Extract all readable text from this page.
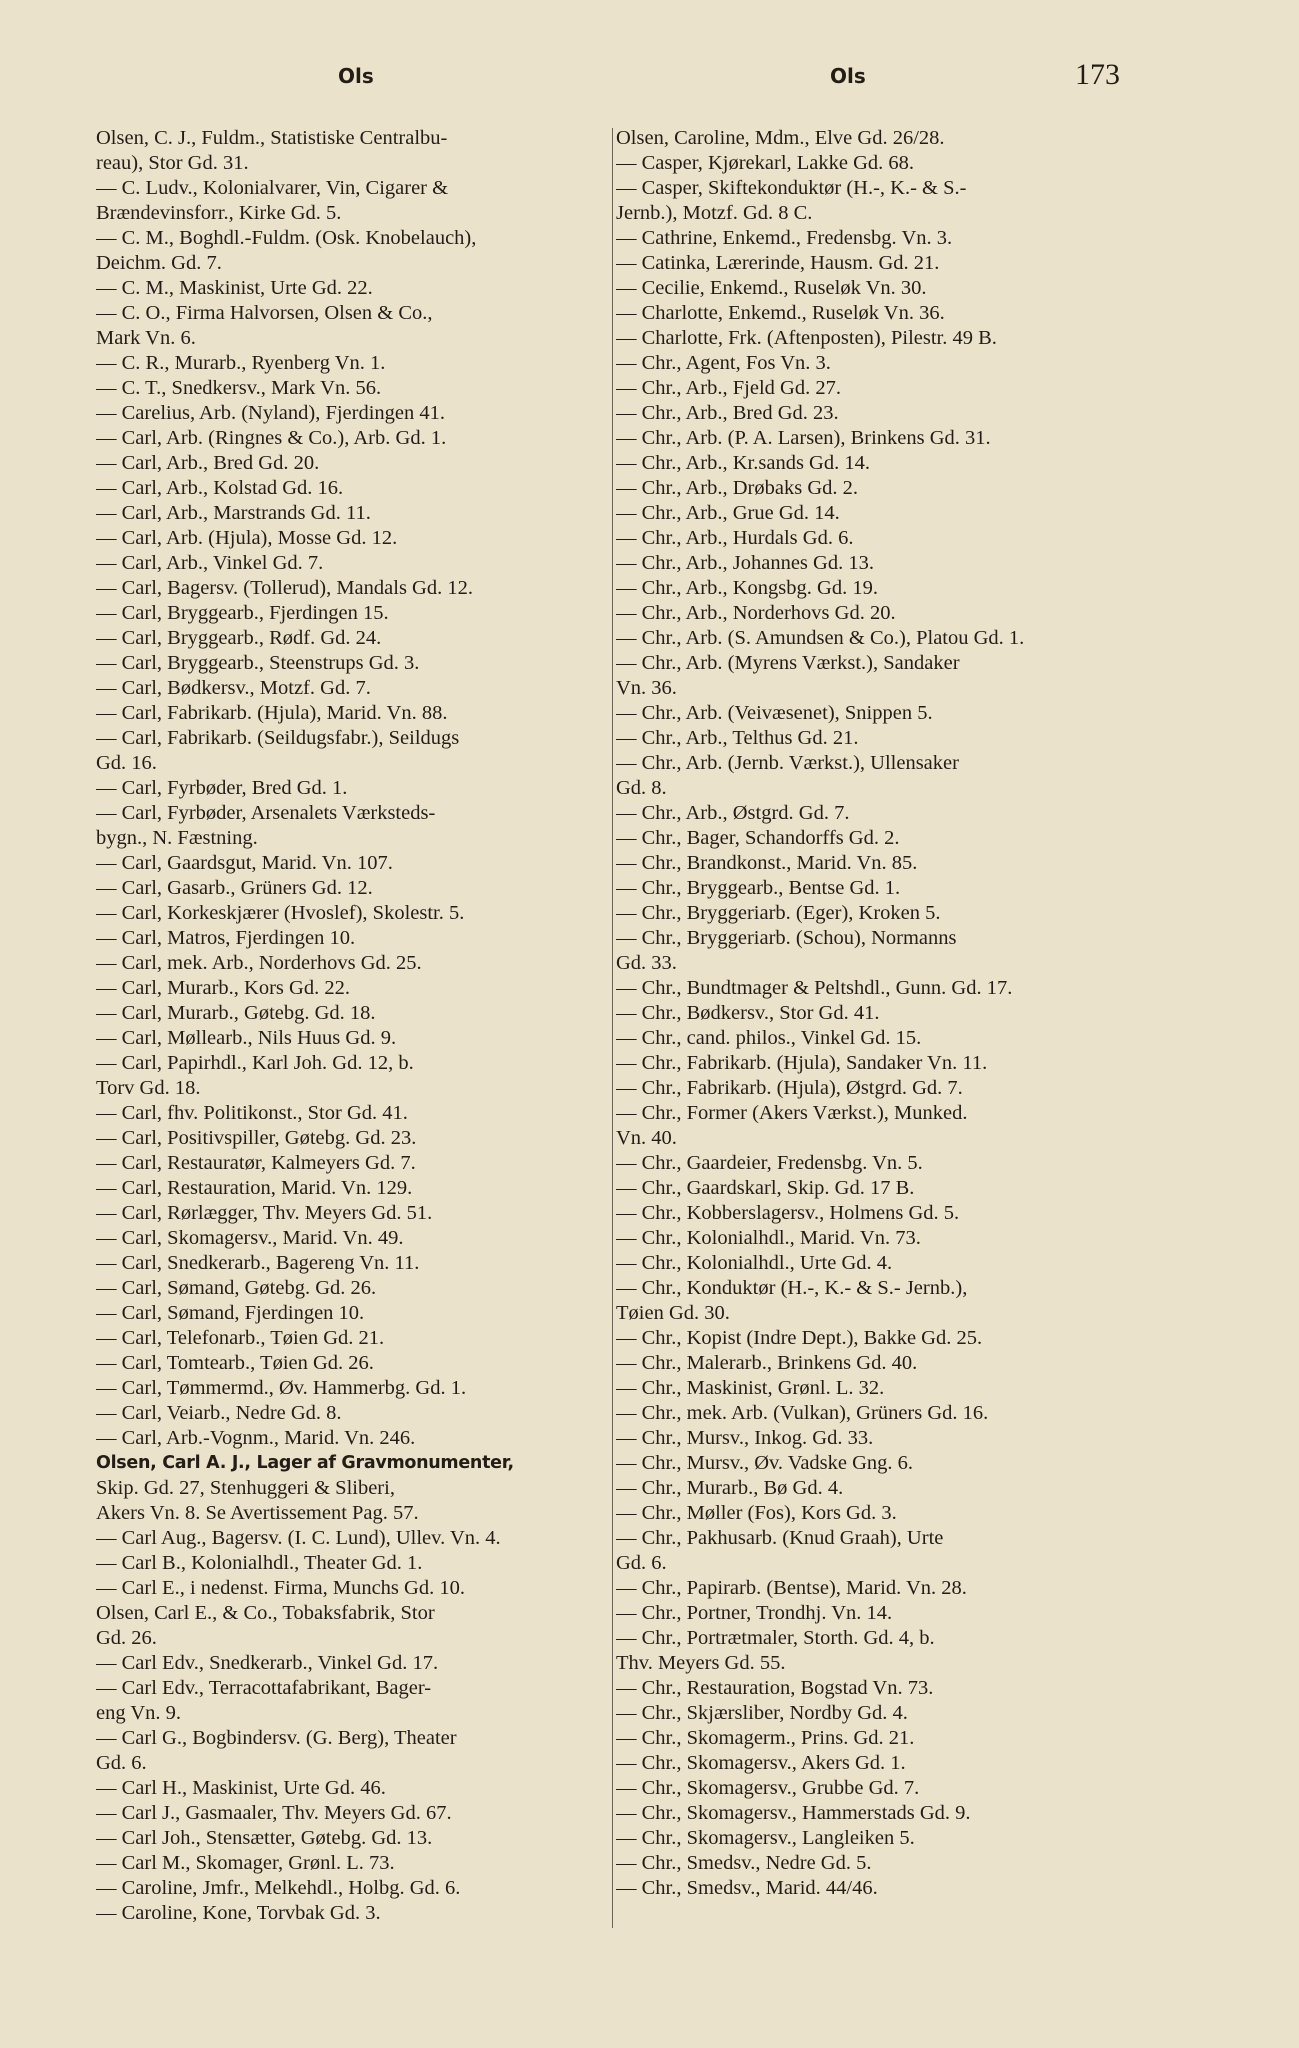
Ols	Ols	173
Olsen, C. J., Fuldm., Statistiske Centralbu-
reau), Stor Gd. 31.
— C. Ludv., Kolonialvarer, Vin, Cigarer &
Brændevinsforr., Kirke Gd. 5.
— C. M., Boghdl.-Fuldm. (Osk. Knobelauch),
Deichm. Gd. 7.
— C. M., Maskinist, Urte Gd. 22.
— C. O., Firma Halvorsen, Olsen & Co.,
Mark Vn. 6.
— C. R., Murarb., Ryenberg Vn. 1.
— C. T., Snedkersv., Mark Vn. 56.
— Carelius, Arb. (Nyland), Fjerdingen 41.
— Carl, Arb. (Ringnes & Co.), Arb. Gd. 1.
— Carl, Arb., Bred Gd. 20.
— Carl, Arb., Kolstad Gd. 16.
— Carl, Arb., Marstrands Gd. 11.
— Carl, Arb. (Hjula), Mosse Gd. 12.
— Carl, Arb., Vinkel Gd. 7.
— Carl, Bagersv. (Tollerud), Mandals Gd. 12.
— Carl, Bryggearb., Fjerdingen 15.
— Carl, Bryggearb., Rødf. Gd. 24.
— Carl, Bryggearb., Steenstrups Gd. 3.
— Carl, Bødkersv., Motzf. Gd. 7.
— Carl, Fabrikarb. (Hjula), Marid. Vn. 88.
— Carl, Fabrikarb. (Seildugsfabr.), Seildugs
Gd. 16.
— Carl, Fyrbøder, Bred Gd. 1.
— Carl, Fyrbøder, Arsenalets Værksteds-
bygn., N. Fæstning.
— Carl, Gaardsgut, Marid. Vn. 107.
— Carl, Gasarb., Grüners Gd. 12.
— Carl, Korkeskjærer (Hvoslef), Skolestr. 5.
— Carl, Matros, Fjerdingen 10.
— Carl, mek. Arb., Norderhovs Gd. 25.
— Carl, Murarb., Kors Gd. 22.
— Carl, Murarb., Gøtebg. Gd. 18.
— Carl, Møllearb., Nils Huus Gd. 9.
— Carl, Papirhdl., Karl Joh. Gd. 12, b.
Torv Gd. 18.
— Carl, fhv. Politikonst., Stor Gd. 41.
— Carl, Positivspiller, Gøtebg. Gd. 23.
— Carl, Restauratør, Kalmeyers Gd. 7.
— Carl, Restauration, Marid. Vn. 129.
— Carl, Rørlægger, Thv. Meyers Gd. 51.
— Carl, Skomagersv., Marid. Vn. 49.
— Carl, Snedkerarb., Bagereng Vn. 11.
— Carl, Sømand, Gøtebg. Gd. 26.
— Carl, Sømand, Fjerdingen 10.
— Carl, Telefonarb., Tøien Gd. 21.
— Carl, Tomtearb., Tøien Gd. 26.
— Carl, Tømmermd., Øv. Hammerbg. Gd. 1.
— Carl, Veiarb., Nedre Gd. 8.
— Carl, Arb.-Vognm., Marid. Vn. 246.
Olsen, Carl A. J., Lager af Gravmonumenter,
Skip. Gd. 27, Stenhuggeri & Sliberi,
Akers Vn. 8. Se Avertissement Pag. 57.
— Carl Aug., Bagersv. (I. C. Lund), Ullev. Vn. 4.
— Carl B., Kolonialhdl., Theater Gd. 1.
— Carl E., i nedenst. Firma, Munchs Gd. 10.
Olsen, Carl E., & Co., Tobaksfabrik, Stor
Gd. 26.
— Carl Edv., Snedkerarb., Vinkel Gd. 17.
— Carl Edv., Terracottafabrikant, Bager-
eng Vn. 9.
— Carl G., Bogbindersv. (G. Berg), Theater
Gd. 6.
— Carl H., Maskinist, Urte Gd. 46.
— Carl J., Gasmaaler, Thv. Meyers Gd. 67.
— Carl Joh., Stensætter, Gøtebg. Gd. 13.
— Carl M., Skomager, Grønl. L. 73.
— Caroline, Jmfr., Melkehdl., Holbg. Gd. 6.
— Caroline, Kone, Torvbak Gd. 3.
Olsen, Caroline, Mdm., Elve Gd. 26/28.
— Casper, Kjørekarl, Lakke Gd. 68.
— Casper, Skiftekonduktør (H.-, K.- & S.-
Jernb.), Motzf. Gd. 8 C.
— Cathrine, Enkemd., Fredensbg. Vn. 3.
— Catinka, Lærerinde, Hausm. Gd. 21.
— Cecilie, Enkemd., Ruseløk Vn. 30.
— Charlotte, Enkemd., Ruseløk Vn. 36.
— Charlotte, Frk. (Aftenposten), Pilestr. 49 B.
— Chr., Agent, Fos Vn. 3.
— Chr., Arb., Fjeld Gd. 27.
— Chr., Arb., Bred Gd. 23.
— Chr., Arb. (P. A. Larsen), Brinkens Gd. 31.
— Chr., Arb., Kr.sands Gd. 14.
— Chr., Arb., Drøbaks Gd. 2.
— Chr., Arb., Grue Gd. 14.
— Chr., Arb., Hurdals Gd. 6.
— Chr., Arb., Johannes Gd. 13.
— Chr., Arb., Kongsbg. Gd. 19.
— Chr., Arb., Norderhovs Gd. 20.
— Chr., Arb. (S. Amundsen & Co.), Platou Gd. 1.
— Chr., Arb. (Myrens Værkst.), Sandaker
Vn. 36.
— Chr., Arb. (Veivæsenet), Snippen 5.
— Chr., Arb., Telthus Gd. 21.
— Chr., Arb. (Jernb. Værkst.), Ullensaker
Gd. 8.
— Chr., Arb., Østgrd. Gd. 7.
— Chr., Bager, Schandorffs Gd. 2.
— Chr., Brandkonst., Marid. Vn. 85.
— Chr., Bryggearb., Bentse Gd. 1.
— Chr., Bryggeriarb. (Eger), Kroken 5.
— Chr., Bryggeriarb. (Schou), Normanns
Gd. 33.
— Chr., Bundtmager & Peltshdl., Gunn. Gd. 17.
— Chr., Bødkersv., Stor Gd. 41.
— Chr., cand. philos., Vinkel Gd. 15.
— Chr., Fabrikarb. (Hjula), Sandaker Vn. 11.
— Chr., Fabrikarb. (Hjula), Østgrd. Gd. 7.
— Chr., Former (Akers Værkst.), Munked.
Vn. 40.
— Chr., Gaardeier, Fredensbg. Vn. 5.
— Chr., Gaardskarl, Skip. Gd. 17 B.
— Chr., Kobberslagersv., Holmens Gd. 5.
— Chr., Kolonialhdl., Marid. Vn. 73.
— Chr., Kolonialhdl., Urte Gd. 4.
— Chr., Konduktør (H.-, K.- & S.- Jernb.),
Tøien Gd. 30.
— Chr., Kopist (Indre Dept.), Bakke Gd. 25.
— Chr., Malerarb., Brinkens Gd. 40.
— Chr., Maskinist, Grønl. L. 32.
— Chr., mek. Arb. (Vulkan), Grüners Gd. 16.
— Chr., Mursv., Inkog. Gd. 33.
— Chr., Mursv., Øv. Vadske Gng. 6.
— Chr., Murarb., Bø Gd. 4.
— Chr., Møller (Fos), Kors Gd. 3.
— Chr., Pakhusarb. (Knud Graah), Urte
Gd. 6.
— Chr., Papirarb. (Bentse), Marid. Vn. 28.
— Chr., Portner, Trondhj. Vn. 14.
— Chr., Portrætmaler, Storth. Gd. 4, b.
Thv. Meyers Gd. 55.
— Chr., Restauration, Bogstad Vn. 73.
— Chr., Skjærsliber, Nordby Gd. 4.
— Chr., Skomagerm., Prins. Gd. 21.
— Chr., Skomagersv., Akers Gd. 1.
— Chr., Skomagersv., Grubbe Gd. 7.
— Chr., Skomagersv., Hammerstads Gd. 9.
— Chr., Skomagersv., Langleiken 5.
— Chr., Smedsv., Nedre Gd. 5.
— Chr., Smedsv., Marid. 44/46.
